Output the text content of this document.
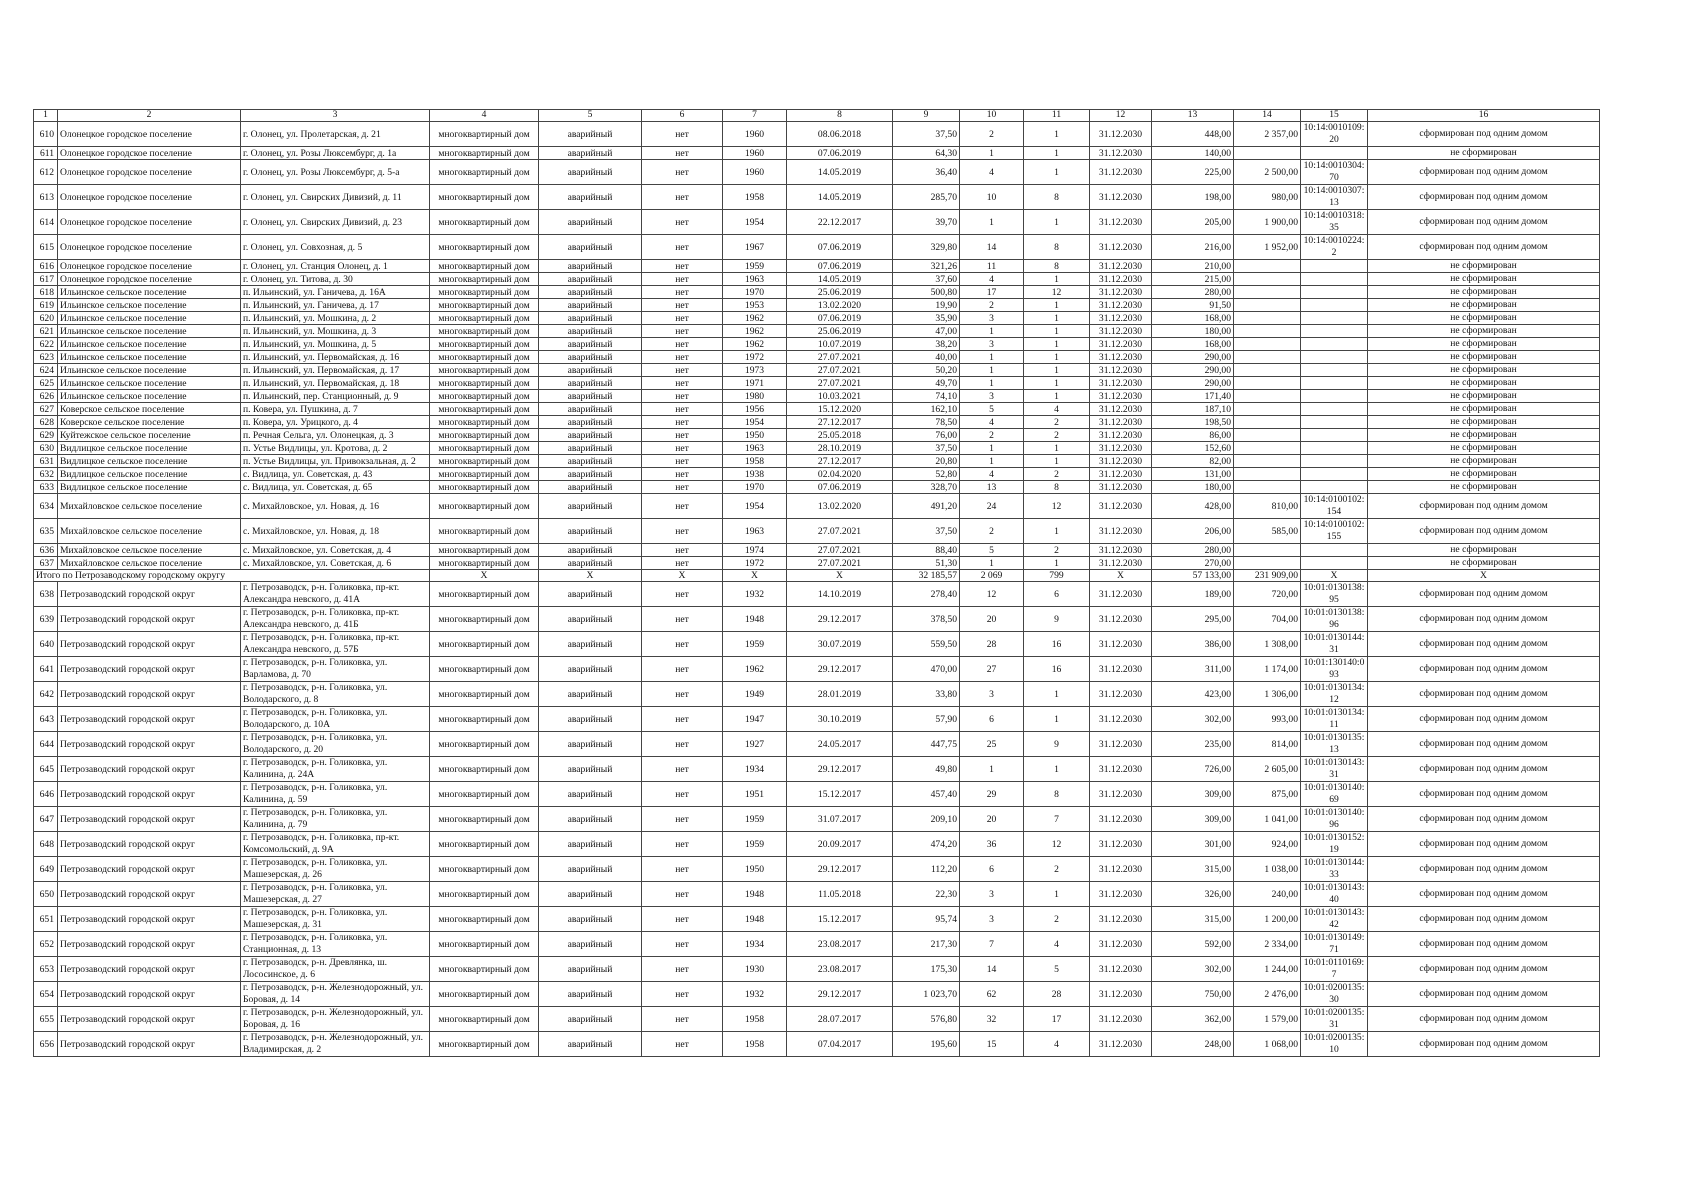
1	2	3	4	5	6	7	8	9	10	11	12	13	14	15	16
610	Олонецкое городское поселение	г. Олонец, ул. Пролетарская, д. 21	многоквартирный дом	аварийный	нет	1960	08.06.2018	37,50	2	1	31.12.2030	448,00	2 357,00	10:14:0010109:20	сформирован под одним домом
611	Олонецкое городское поселение	г. Олонец, ул. Розы Люксембург, д. 1а	многоквартирный дом	аварийный	нет	1960	07.06.2019	64,30	1	1	31.12.2030	140,00			не сформирован
612	Олонецкое городское поселение	г. Олонец, ул. Розы Люксембург, д. 5-а	многоквартирный дом	аварийный	нет	1960	14.05.2019	36,40	4	1	31.12.2030	225,00	2 500,00	10:14:0010304:70	сформирован под одним домом
613	Олонецкое городское поселение	г. Олонец, ул. Свирских Дивизий, д. 11	многоквартирный дом	аварийный	нет	1958	14.05.2019	285,70	10	8	31.12.2030	198,00	980,00	10:14:0010307:13	сформирован под одним домом
614	Олонецкое городское поселение	г. Олонец, ул. Свирских Дивизий, д. 23	многоквартирный дом	аварийный	нет	1954	22.12.2017	39,70	1	1	31.12.2030	205,00	1 900,00	10:14:0010318:35	сформирован под одним домом
615	Олонецкое городское поселение	г. Олонец, ул. Совхозная, д. 5	многоквартирный дом	аварийный	нет	1967	07.06.2019	329,80	14	8	31.12.2030	216,00	1 952,00	10:14:0010224:2	сформирован под одним домом
616	Олонецкое городское поселение	г. Олонец, ул. Станция Олонец, д. 1	многоквартирный дом	аварийный	нет	1959	07.06.2019	321,26	11	8	31.12.2030	210,00			не сформирован
617	Олонецкое городское поселение	г. Олонец, ул. Титова, д. 30	многоквартирный дом	аварийный	нет	1963	14.05.2019	37,60	4	1	31.12.2030	215,00			не сформирован
618	Ильинское сельское поселение	п. Ильинский, ул. Ганичева, д. 16А	многоквартирный дом	аварийный	нет	1970	25.06.2019	500,80	17	12	31.12.2030	280,00			не сформирован
619	Ильинское сельское поселение	п. Ильинский, ул. Ганичева, д. 17	многоквартирный дом	аварийный	нет	1953	13.02.2020	19,90	2	1	31.12.2030	91,50			не сформирован
620	Ильинское сельское поселение	п. Ильинский, ул. Мошкина, д. 2	многоквартирный дом	аварийный	нет	1962	07.06.2019	35,90	3	1	31.12.2030	168,00			не сформирован
621	Ильинское сельское поселение	п. Ильинский, ул. Мошкина, д. 3	многоквартирный дом	аварийный	нет	1962	25.06.2019	47,00	1	1	31.12.2030	180,00			не сформирован
622	Ильинское сельское поселение	п. Ильинский, ул. Мошкина, д. 5	многоквартирный дом	аварийный	нет	1962	10.07.2019	38,20	3	1	31.12.2030	168,00			не сформирован
623	Ильинское сельское поселение	п. Ильинский, ул. Первомайская, д. 16	многоквартирный дом	аварийный	нет	1972	27.07.2021	40,00	1	1	31.12.2030	290,00			не сформирован
624	Ильинское сельское поселение	п. Ильинский, ул. Первомайская, д. 17	многоквартирный дом	аварийный	нет	1973	27.07.2021	50,20	1	1	31.12.2030	290,00			не сформирован
625	Ильинское сельское поселение	п. Ильинский, ул. Первомайская, д. 18	многоквартирный дом	аварийный	нет	1971	27.07.2021	49,70	1	1	31.12.2030	290,00			не сформирован
626	Ильинское сельское поселение	п. Ильинский, пер. Станционный, д. 9	многоквартирный дом	аварийный	нет	1980	10.03.2021	74,10	3	1	31.12.2030	171,40			не сформирован
627	Коверское сельское поселение	п. Ковера, ул. Пушкина, д. 7	многоквартирный дом	аварийный	нет	1956	15.12.2020	162,10	5	4	31.12.2030	187,10			не сформирован
628	Коверское сельское поселение	п. Ковера, ул. Урицкого, д. 4	многоквартирный дом	аварийный	нет	1954	27.12.2017	78,50	4	2	31.12.2030	198,50			не сформирован
629	Куйтежское сельское поселение	п. Речная Сельга, ул. Олонецкая, д. 3	многоквартирный дом	аварийный	нет	1950	25.05.2018	76,00	2	2	31.12.2030	86,00			не сформирован
630	Видлицкое сельское поселение	п. Устье Видлицы, ул. Кротова, д. 2	многоквартирный дом	аварийный	нет	1963	28.10.2019	37,50	1	1	31.12.2030	152,60			не сформирован
631	Видлицкое сельское поселение	п. Устье Видлицы, ул. Привокзальная, д. 2	многоквартирный дом	аварийный	нет	1958	27.12.2017	20,80	1	1	31.12.2030	82,00			не сформирован
632	Видлицкое сельское поселение	с. Видлица, ул. Советская, д. 43	многоквартирный дом	аварийный	нет	1938	02.04.2020	52,80	4	2	31.12.2030	131,00			не сформирован
633	Видлицкое сельское поселение	с. Видлица, ул. Советская, д. 65	многоквартирный дом	аварийный	нет	1970	07.06.2019	328,70	13	8	31.12.2030	180,00			не сформирован
634	Михайловское сельское поселение	с. Михайловское, ул. Новая, д. 16	многоквартирный дом	аварийный	нет	1954	13.02.2020	491,20	24	12	31.12.2030	428,00	810,00	10:14:0100102:154	сформирован под одним домом
635	Михайловское сельское поселение	с. Михайловское, ул. Новая, д. 18	многоквартирный дом	аварийный	нет	1963	27.07.2021	37,50	2	1	31.12.2030	206,00	585,00	10:14:0100102:155	сформирован под одним домом
636	Михайловское сельское поселение	с. Михайловское, ул. Советская, д. 4	многоквартирный дом	аварийный	нет	1974	27.07.2021	88,40	5	2	31.12.2030	280,00			не сформирован
637	Михайловское сельское поселение	с. Михайловское, ул. Советская, д. 6	многоквартирный дом	аварийный	нет	1972	27.07.2021	51,30	1	1	31.12.2030	270,00			не сформирован
Итого по Петрозаводскому городскому округу			X	X	X	X	X	32 185,57	2 069	799	X	57 133,00	231 909,00	X	X
638	Петрозаводский городской округ	г. Петрозаводск, р-н. Голиковка, пр-кт. Александра невского, д. 41А	многоквартирный дом	аварийный	нет	1932	14.10.2019	278,40	12	6	31.12.2030	189,00	720,00	10:01:0130138:95	сформирован под одним домом
639	Петрозаводский городской округ	г. Петрозаводск, р-н. Голиковка, пр-кт. Александра невского, д. 41Б	многоквартирный дом	аварийный	нет	1948	29.12.2017	378,50	20	9	31.12.2030	295,00	704,00	10:01:0130138:96	сформирован под одним домом
640	Петрозаводский городской округ	г. Петрозаводск, р-н. Голиковка, пр-кт. Александра невского, д. 57Б	многоквартирный дом	аварийный	нет	1959	30.07.2019	559,50	28	16	31.12.2030	386,00	1 308,00	10:01:0130144:31	сформирован под одним домом
641	Петрозаводский городской округ	г. Петрозаводск, р-н. Голиковка, ул. Варламова, д. 70	многоквартирный дом	аварийный	нет	1962	29.12.2017	470,00	27	16	31.12.2030	311,00	1 174,00	10:01:130140:093	сформирован под одним домом
642	Петрозаводский городской округ	г. Петрозаводск, р-н. Голиковка, ул. Володарского, д. 8	многоквартирный дом	аварийный	нет	1949	28.01.2019	33,80	3	1	31.12.2030	423,00	1 306,00	10:01:0130134:12	сформирован под одним домом
643	Петрозаводский городской округ	г. Петрозаводск, р-н. Голиковка, ул. Володарского, д. 10А	многоквартирный дом	аварийный	нет	1947	30.10.2019	57,90	6	1	31.12.2030	302,00	993,00	10:01:0130134:11	сформирован под одним домом
644	Петрозаводский городской округ	г. Петрозаводск, р-н. Голиковка, ул. Володарского, д. 20	многоквартирный дом	аварийный	нет	1927	24.05.2017	447,75	25	9	31.12.2030	235,00	814,00	10:01:0130135:13	сформирован под одним домом
645	Петрозаводский городской округ	г. Петрозаводск, р-н. Голиковка, ул. Калинина, д. 24А	многоквартирный дом	аварийный	нет	1934	29.12.2017	49,80	1	1	31.12.2030	726,00	2 605,00	10:01:0130143:31	сформирован под одним домом
646	Петрозаводский городской округ	г. Петрозаводск, р-н. Голиковка, ул. Калинина, д. 59	многоквартирный дом	аварийный	нет	1951	15.12.2017	457,40	29	8	31.12.2030	309,00	875,00	10:01:0130140:69	сформирован под одним домом
647	Петрозаводский городской округ	г. Петрозаводск, р-н. Голиковка, ул. Калинина, д. 79	многоквартирный дом	аварийный	нет	1959	31.07.2017	209,10	20	7	31.12.2030	309,00	1 041,00	10:01:0130140:96	сформирован под одним домом
648	Петрозаводский городской округ	г. Петрозаводск, р-н. Голиковка, пр-кт. Комсомольский, д. 9А	многоквартирный дом	аварийный	нет	1959	20.09.2017	474,20	36	12	31.12.2030	301,00	924,00	10:01:0130152:19	сформирован под одним домом
649	Петрозаводский городской округ	г. Петрозаводск, р-н. Голиковка, ул. Машезерская, д. 26	многоквартирный дом	аварийный	нет	1950	29.12.2017	112,20	6	2	31.12.2030	315,00	1 038,00	10:01:0130144:33	сформирован под одним домом
650	Петрозаводский городской округ	г. Петрозаводск, р-н. Голиковка, ул. Машезерская, д. 27	многоквартирный дом	аварийный	нет	1948	11.05.2018	22,30	3	1	31.12.2030	326,00	240,00	10:01:0130143:40	сформирован под одним домом
651	Петрозаводский городской округ	г. Петрозаводск, р-н. Голиковка, ул. Машезерская, д. 31	многоквартирный дом	аварийный	нет	1948	15.12.2017	95,74	3	2	31.12.2030	315,00	1 200,00	10:01:0130143:42	сформирован под одним домом
652	Петрозаводский городской округ	г. Петрозаводск, р-н. Голиковка, ул. Станционная, д. 13	многоквартирный дом	аварийный	нет	1934	23.08.2017	217,30	7	4	31.12.2030	592,00	2 334,00	10:01:0130149:71	сформирован под одним домом
653	Петрозаводский городской округ	г. Петрозаводск, р-н. Древлянка, ш. Лососинское, д. 6	многоквартирный дом	аварийный	нет	1930	23.08.2017	175,30	14	5	31.12.2030	302,00	1 244,00	10:01:0110169:7	сформирован под одним домом
654	Петрозаводский городской округ	г. Петрозаводск, р-н. Железнодорожный, ул. Боровая, д. 14	многоквартирный дом	аварийный	нет	1932	29.12.2017	1 023,70	62	28	31.12.2030	750,00	2 476,00	10:01:0200135:30	сформирован под одним домом
655	Петрозаводский городской округ	г. Петрозаводск, р-н. Железнодорожный, ул. Боровая, д. 16	многоквартирный дом	аварийный	нет	1958	28.07.2017	576,80	32	17	31.12.2030	362,00	1 579,00	10:01:0200135:31	сформирован под одним домом
656	Петрозаводский городской округ	г. Петрозаводск, р-н. Железнодорожный, ул. Владимирская, д. 2	многоквартирный дом	аварийный	нет	1958	07.04.2017	195,60	15	4	31.12.2030	248,00	1 068,00	10:01:0200135:10	сформирован под одним домом
